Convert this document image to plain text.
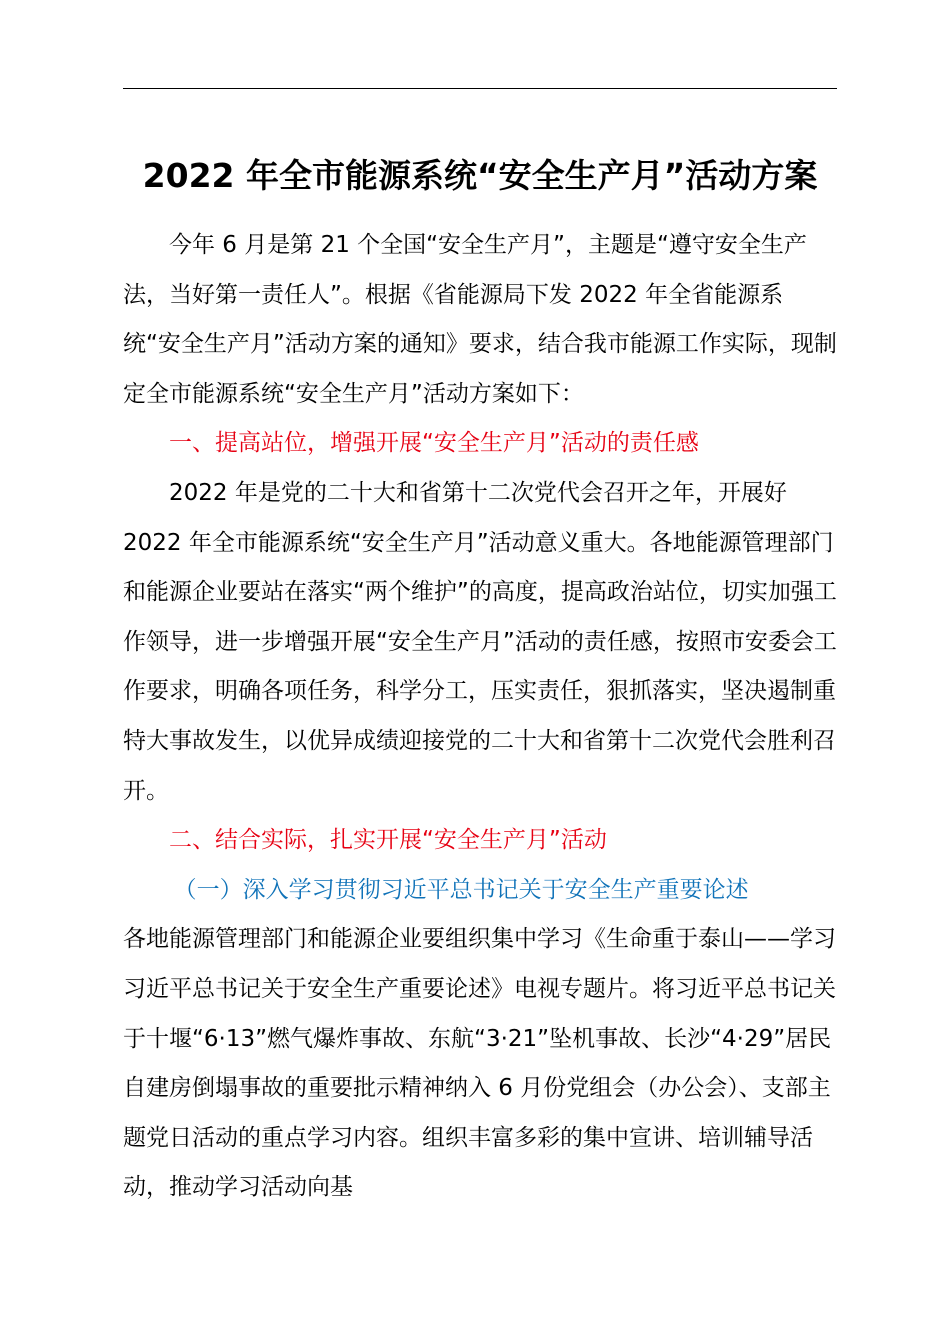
2022 年全市能源系统“安全生产月”活动方案

今年 6 月是第 21 个全国“安全生产月”，主题是“遵守安全生产法，当好第一责任人”。根据《省能源局下发 2022 年全省能源系统“安全生产月”活动方案的通知》要求，结合我市能源工作实际，现制定全市能源系统“安全生产月”活动方案如下：

一、提高站位，增强开展“安全生产月”活动的责任感

2022 年是党的二十大和省第十二次党代会召开之年，开展好 2022 年全市能源系统“安全生产月”活动意义重大。各地能源管理部门和能源企业要站在落实“两个维护”的高度，提高政治站位，切实加强工作领导，进一步增强开展“安全生产月”活动的责任感，按照市安委会工作要求，明确各项任务，科学分工，压实责任，狠抓落实，坚决遏制重特大事故发生，以优异成绩迎接党的二十大和省第十二次党代会胜利召开。

二、结合实际，扎实开展“安全生产月”活动

（一）深入学习贯彻习近平总书记关于安全生产重要论述

各地能源管理部门和能源企业要组织集中学习《生命重于泰山——学习习近平总书记关于安全生产重要论述》电视专题片。将习近平总书记关于十堰“6·13”燃气爆炸事故、东航“3·21”坠机事故、长沙“4·29”居民自建房倒塌事故的重要批示精神纳入 6 月份党组会（办公会）、支部主题党日活动的重点学习内容。组织丰富多彩的集中宣讲、培训辅导活动，推动学习活动向基
